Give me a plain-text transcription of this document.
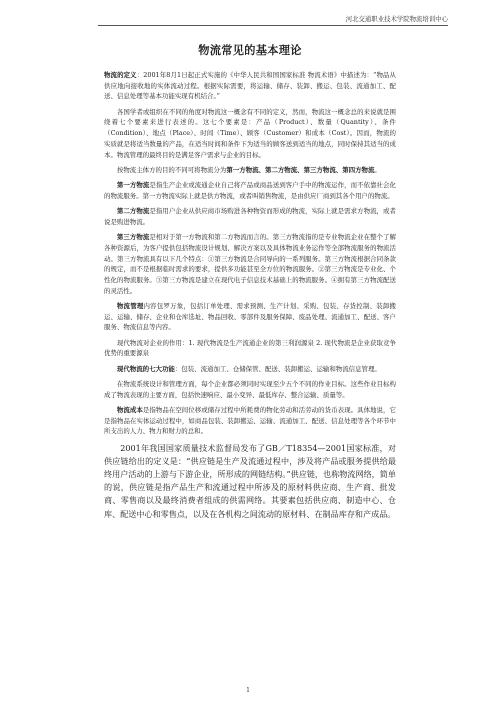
河北交通职业技术学院物流培训中心
物流常见的基本理论

物流的定义：2001年8月1日起正式实施的《中华人民共和国国家标准 物流术语》中描述为：“物品从供应地向接收地的实体流动过程。根据实际需要，将运输、储存、装卸、搬运、包装、流通加工、配送、信息处理等基本功能实现有机结合。”

各国学者或组织在不同的角度对物流这一概念有不同的定义，然而，物流这一概念总的来说就是围绕着七个要素来进行表述的。这七个要素是：产品（Product）、数量（Quantity）、条件（Condition）、地点（Place）、时间（Time）、顾客（Customer）和成本（Cost）。因而，物流的实质就是将适当数量的产品，在适当时间和条件下为适当的顾客送到适当的地点，同时保持其适当的成本。物流管理的最终目的是满足客户需求与企业的目标。

按物流主体方的目的不同可将物流分为第一方物流、第二方物流、第三方物流、第四方物流。

第一方物流是指生产企业或流通企业自己将产品或商品送到客户手中的物流运作，而不依靠社会化的物流服务。第一方物流实际上就是供方物流，或者叫销售物流，是由供应厂商到其各个用户的物流。

第二方物流是指用户企业从供应商市场购进各种物资而形成的物流，实际上就是需求方物流，或者说是购进物流。

第三方物流是相对于第一方物流和第二方物流而言的。第三方物流指的是专业物流企业在整个了解各种资源后，为客户提供包括物流设计规划、解决方案以及具体物流业务运作等全部物流服务的物流活动。第三方物流具有以下几个特点：①第三方物流是合同导向的一系列服务。第三方物流根据合同条款的规定，而不是根据临时需求的要求，提供多功能甚至全方位的物流服务。②第三方物流是专业化、个性化的物流服务。③第三方物流是建立在现代电子信息技术基础上的物流服务。④拥有第三方物流配送的灵活性。

物流管理内容包罗万象，包括订单处理、需求预测、生产计划、采购、包装、存货控制、装卸搬运、运输、储存、企业和仓库选址、物品回收、零部件及服务保障、废品处理、流通加工、配送、客户服务、物流信息等内容。

现代物流对企业的作用：1. 现代物流是生产流通企业的第三利润源泉 2. 现代物流是企业获取竞争优势的重要源泉

现代物流的七大功能：包装、流通加工、仓储保管、配送、装卸搬运、运输和物流信息管理。

在物流系统设计和管理方面，每个企业都必须同时实现至少五个不同的作业目标。这些作业目标构成了物流表现的主要方面，包括快速响应、最小变异、最低库存、整合运输、质量等。

物流成本是指物品在空间位移或储存过程中所耗费的物化劳动和活劳动的货币表现。具体地说，它是指物品在实体运动过程中，如商品包装、装卸搬运、运输、流通加工、配送、信息处理等各个环节中所支出的人力、物力和财力的总和。

2001年我国国家质量技术监督局发布了GB／T18354—2001国家标准，对供应链给出的定义是：“供应链是生产及流通过程中，涉及将产品或服务提供给最终用户活动的上游与下游企业，所形成的网链结构。”供应链，也称物流网络，简单的说，供应链是指产品生产和流通过程中所涉及的原材料供应商、生产商、批发商、零售商以及最终消费者组成的供需网络。其要素包括供应商、制造中心、仓库、配送中心和零售点，以及在各机构之间流动的原材料、在制品库存和产成品。

1
